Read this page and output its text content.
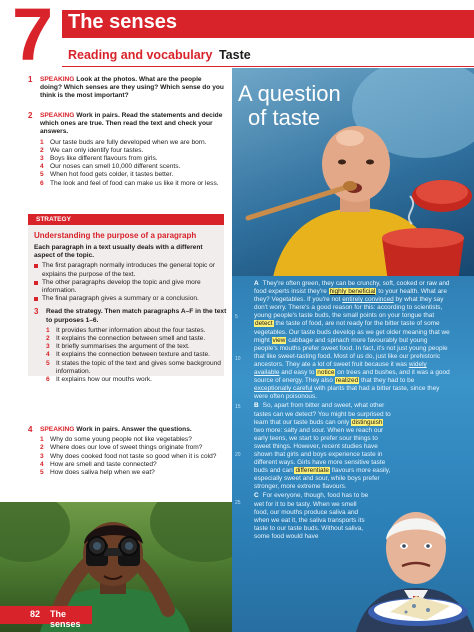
7 The senses
Reading and vocabulary Taste
1 SPEAKING Look at the photos. What are the people doing? Which senses are they using? Which sense do you think is the most important?
2 SPEAKING Work in pairs. Read the statements and decide which ones are true. Then read the text and check your answers.
1 Our taste buds are fully developed when we are born.
2 We can only identify four tastes.
3 Boys like different flavours from girls.
4 Our noses can smell 10,000 different scents.
5 When hot food gets colder, it tastes better.
6 The look and feel of food can make us like it more or less.
STRATEGY
Understanding the purpose of a paragraph
Each paragraph in a text usually deals with a different aspect of the topic.
The first paragraph normally introduces the general topic or explains the purpose of the text.
The other paragraphs develop the topic and give more information.
The final paragraph gives a summary or a conclusion.
3 Read the strategy. Then match paragraphs A–F in the text to purposes 1–6.
1 It provides further information about the four tastes.
2 It explains the connection between smell and taste.
3 It briefly summarises the argument of the text.
4 It explains the connection between texture and taste.
5 It states the topic of the text and gives some background information.
6 It explains how our mouths work.
4 SPEAKING Work in pairs. Answer the questions.
1 Why do some young people not like vegetables?
2 Where does our love of sweet things originate from?
3 Why does cooked food not taste so good when it is cold?
4 How are smell and taste connected?
5 How does saliva help when we eat?
82 The senses
A question
of taste
5
10
15
20
25

A They're often green, they can be crunchy, soft, cooked or raw and food experts insist they're highly beneficial to your health. What are they? Vegetables. If you're not entirely convinced by what they say don't worry. There's a good reason for this: according to scientists, young people's taste buds, the small points on your tongue that detect the taste of food, are not ready for the bitter taste of some vegetables. Our taste buds develop as we get older meaning that we might view cabbage and spinach more favourably but young people's mouths prefer sweet food. In fact, it's not just young people that like sweet-tasting food. Most of us do, just like our prehistoric ancestors. They ate a lot of sweet fruit because it was widely available and easy to notice on trees and bushes, and it was a good source of energy. They also realized that they had to be exceptionally careful with plants that had a bitter taste, since they were often poisonous.

B So, apart from bitter and sweet, what other tastes can we detect? You might be surprised to learn that our taste buds can only distinguish two more: salty and sour. When we reach our early teens, we start to prefer sour things to sweet things. However, recent studies have shown that girls and boys experience taste in different ways. Girls have more sensitive taste buds and can differentiate flavours more easily, especially sweet and sour, while boys prefer stronger, more extreme flavours.

C For everyone, though, food has to be wet for it to be tasty. When we smell food, our mouths produce saliva and when we eat it, the saliva transports its taste to our taste buds. Without saliva, some food would have
